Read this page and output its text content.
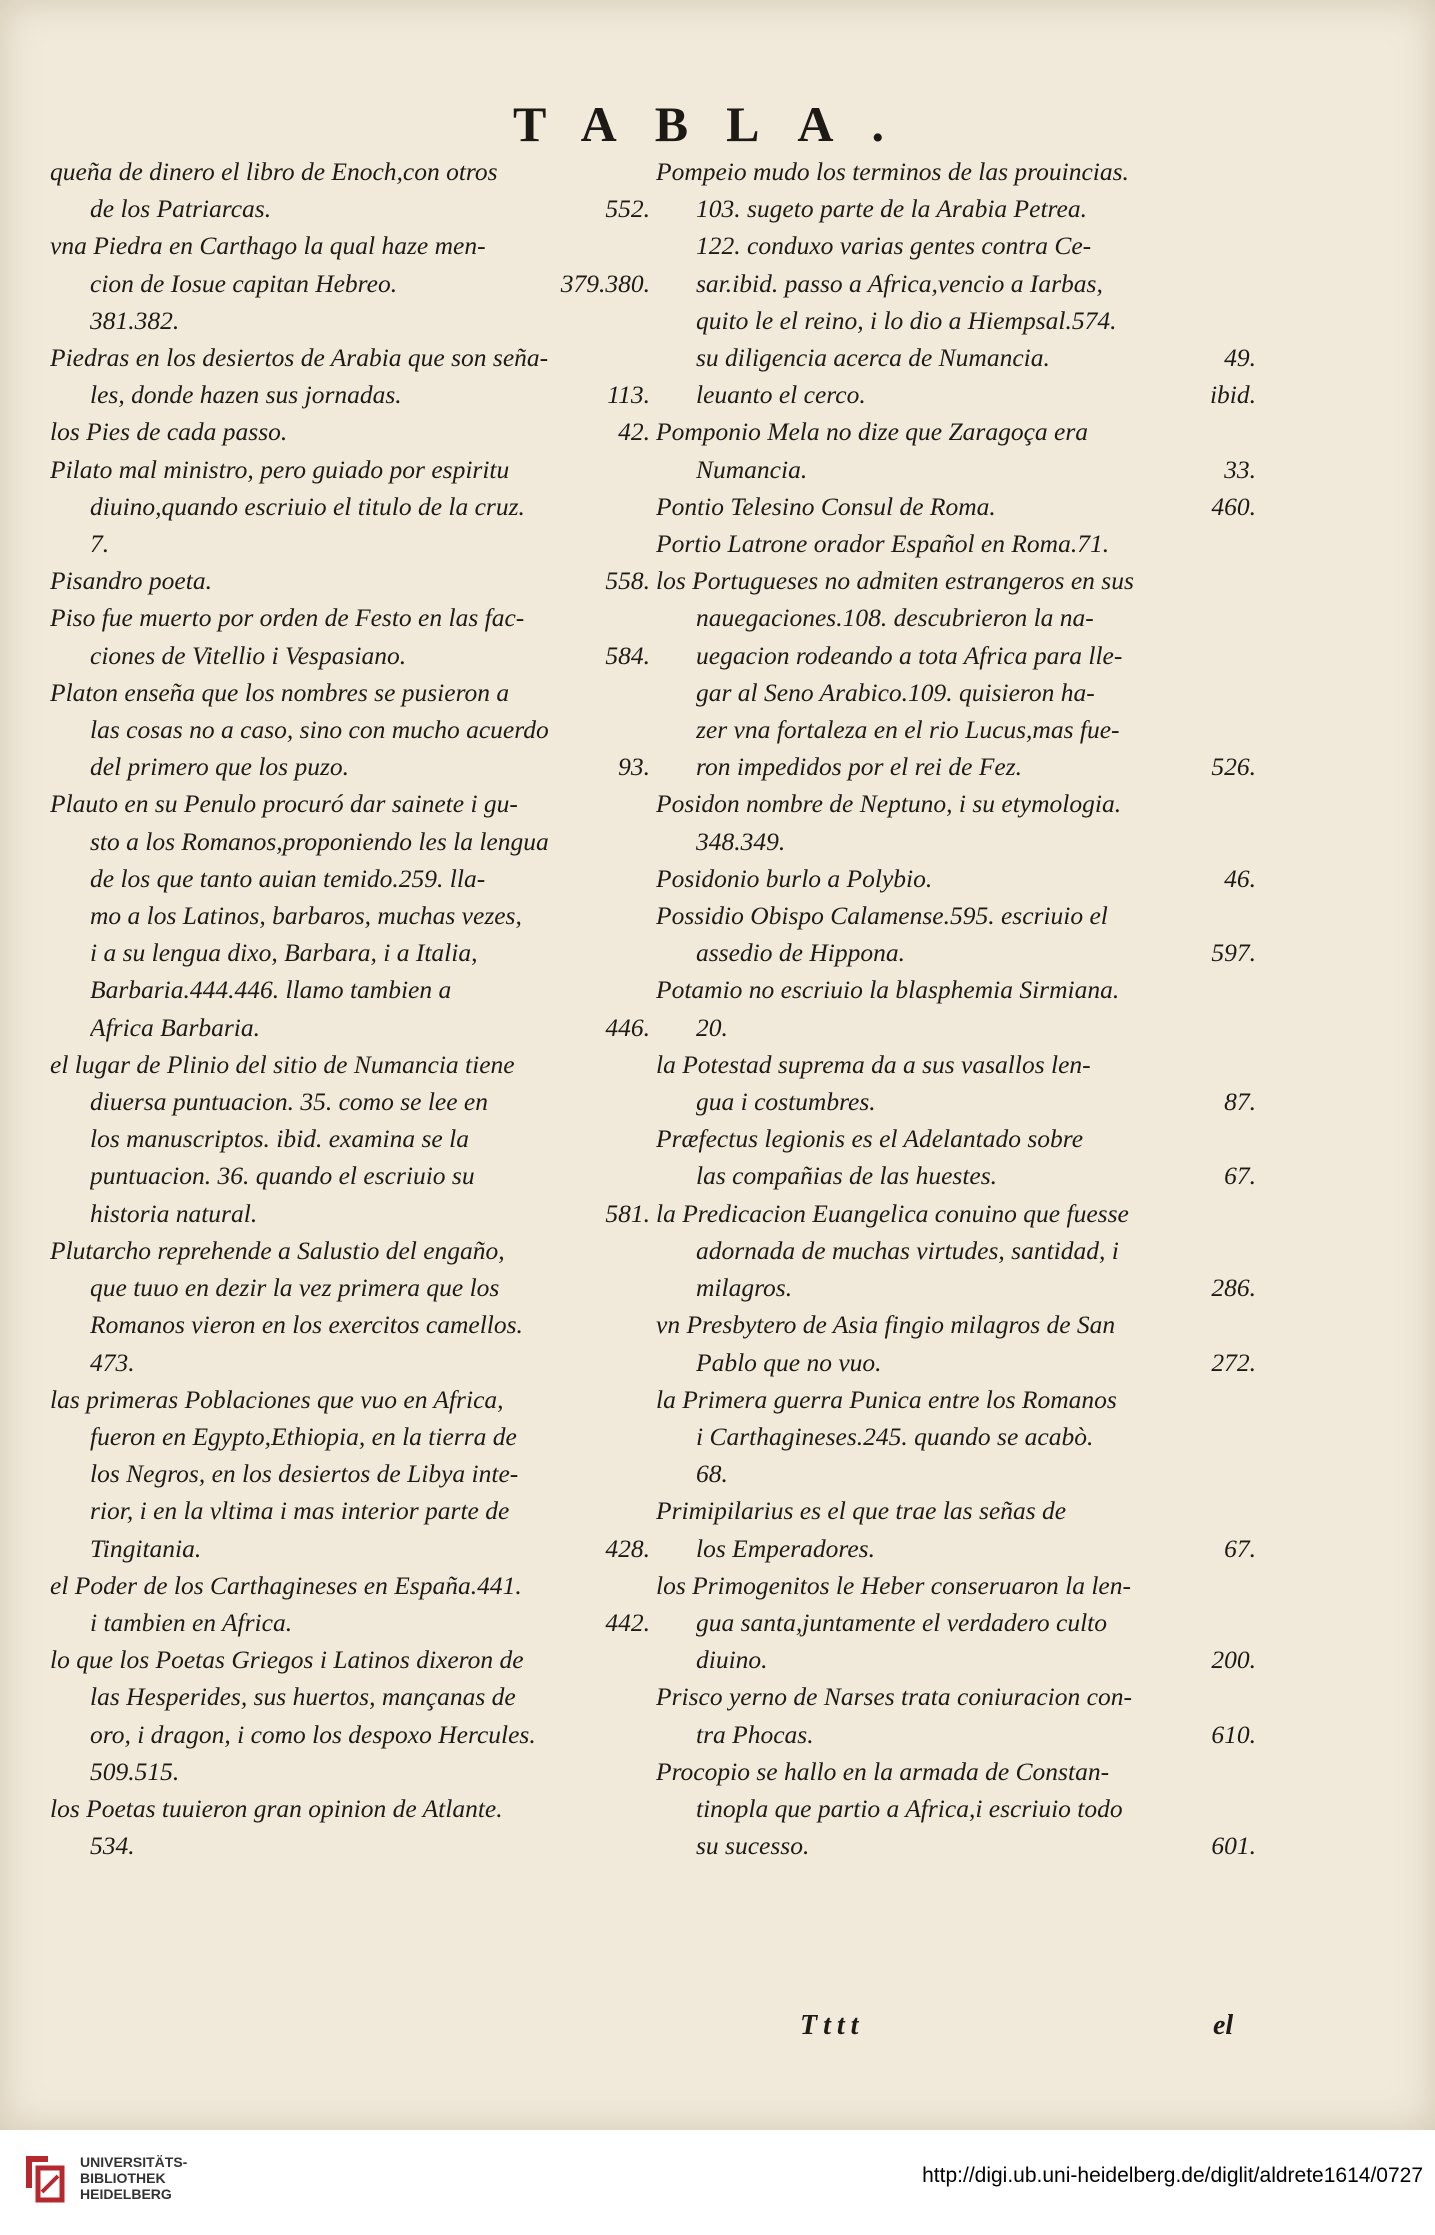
TABLA.
queña de dinero el libro de Enoch,con otros
de los Patriarcas.	552.
vna Piedra en Carthago la qual haze men-
cion de Iosue capitan Hebreo.	379.380.
381.382.
Piedras en los desiertos de Arabia que son seña-
les, donde hazen sus jornadas.	113.
los Pies de cada passo.	42.
Pilato mal ministro, pero guiado por espiritu
diuino,quando escriuio el titulo de la cruz.
7.
Pisandro poeta.	558.
Piso fue muerto por orden de Festo en las fac-
ciones de Vitellio i Vespasiano.	584.
Platon enseña que los nombres se pusieron a
las cosas no a caso, sino con mucho acuerdo
del primero que los puzo.	93.
Plauto en su Penulo procuró dar sainete i gu-
sto a los Romanos,proponiendo les la lengua
de los que tanto auian temido.259. lla-
mo a los Latinos, barbaros, muchas vezes,
i a su lengua dixo, Barbara, i a Italia,
Barbaria.444.446. llamo tambien a
Africa Barbaria.	446.
el lugar de Plinio del sitio de Numancia tiene
diuersa puntuacion. 35. como se lee en
los manuscriptos. ibid. examina se la
puntuacion. 36. quando el escriuio su
historia natural.	581.
Plutarcho reprehende a Salustio del engaño,
que tuuo en dezir la vez primera que los
Romanos vieron en los exercitos camellos.
473.
las primeras Poblaciones que vuo en Africa,
fueron en Egypto,Ethiopia, en la tierra de
los Negros, en los desiertos de Libya inte-
rior, i en la vltima i mas interior parte de
Tingitania.	428.
el Poder de los Carthagineses en España.441.
i tambien en Africa.	442.
lo que los Poetas Griegos i Latinos dixeron de
las Hesperides, sus huertos, mançanas de
oro, i dragon, i como los despoxo Hercules.
509.515.
los Poetas tuuieron gran opinion de Atlante.
534.
Pompeio mudo los terminos de las prouincias.
103. sugeto parte de la Arabia Petrea.
122. conduxo varias gentes contra Ce-
sar.ibid. passo a Africa,vencio a Iarbas,
quito le el reino, i lo dio a Hiempsal.574.
su diligencia acerca de Numancia.	49.
leuanto el cerco.	ibid.
Pomponio Mela no dize que Zaragoça era
Numancia.	33.
Pontio Telesino Consul de Roma.	460.
Portio Latrone orador Español en Roma.71.
los Portugueses no admiten estrangeros en sus
nauegaciones.108. descubrieron la na-
uegacion rodeando a tota Africa para lle-
gar al Seno Arabico.109. quisieron ha-
zer vna fortaleza en el rio Lucus,mas fue-
ron impedidos por el rei de Fez.	526.
Posidon nombre de Neptuno, i su etymologia.
348.349.
Posidonio burlo a Polybio.	46.
Possidio Obispo Calamense.595. escriuio el
assedio de Hippona.	597.
Potamio no escriuio la blasphemia Sirmiana.
20.
la Potestad suprema da a sus vasallos len-
gua i costumbres.	87.
Præfectus legionis es el Adelantado sobre
las compañias de las huestes.	67.
la Predicacion Euangelica conuino que fuesse
adornada de muchas virtudes, santidad, i
milagros.	286.
vn Presbytero de Asia fingio milagros de San
Pablo que no vuo.	272.
la Primera guerra Punica entre los Romanos
i Carthagineses.245. quando se acabò.
68.
Primipilarius es el que trae las señas de
los Emperadores.	67.
los Primogenitos le Heber conseruaron la len-
gua santa,juntamente el verdadero culto
diuino.	200.
Prisco yerno de Narses trata coniuracion con-
tra Phocas.	610.
Procopio se hallo en la armada de Constan-
tinopla que partio a Africa,i escriuio todo
su sucesso.	601.
Tttt	el
UNIVERSITÄTS-
BIBLIOTHEK
HEIDELBERG
http://digi.ub.uni-heidelberg.de/diglit/aldrete1614/0727
